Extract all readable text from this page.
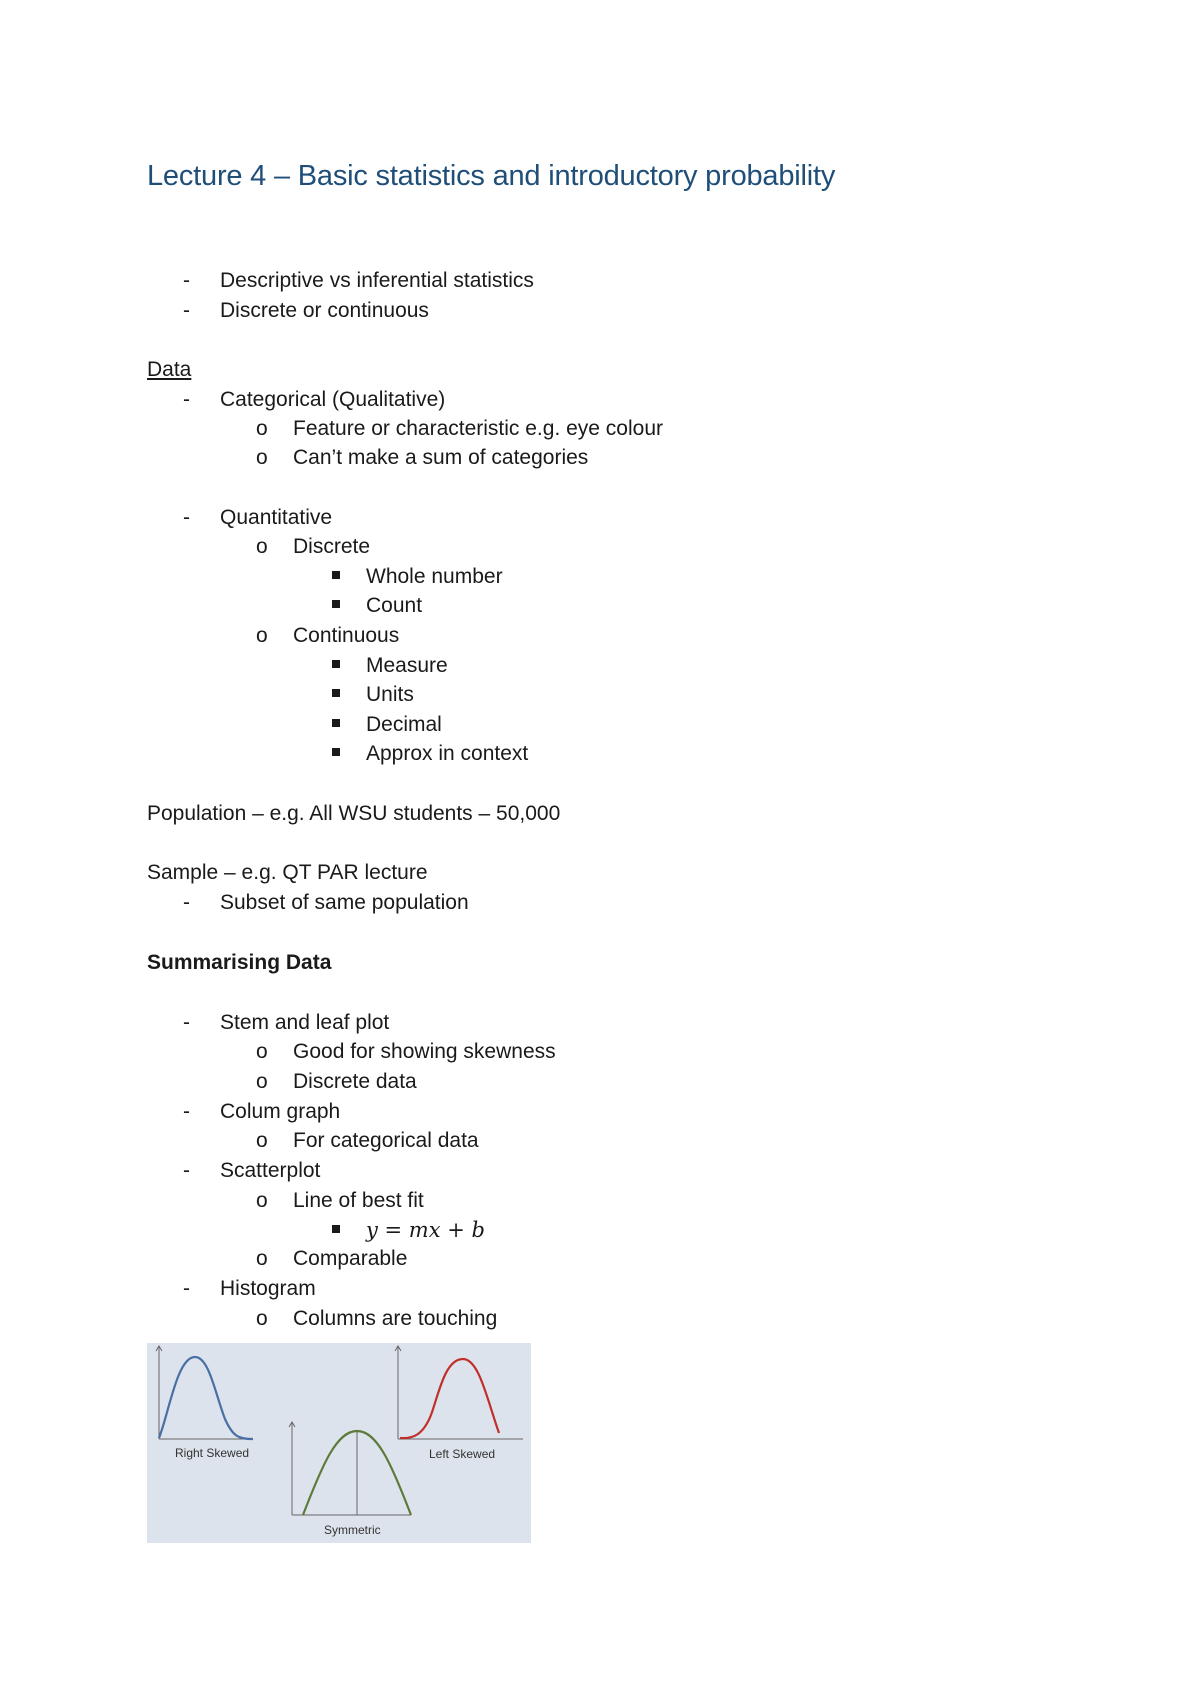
Lecture 4 – Basic statistics and introductory probability
- Descriptive vs inferential statistics
- Discrete or continuous
Data
- Categorical (Qualitative)
o Feature or characteristic e.g. eye colour
o Can’t make a sum of categories
- Quantitative
o Discrete
Whole number
Count
o Continuous
Measure
Units
Decimal
Approx in context
Population – e.g. All WSU students – 50,000
Sample – e.g. QT PAR lecture
- Subset of same population
Summarising Data
- Stem and leaf plot
o Good for showing skewness
o Discrete data
- Colum graph
o For categorical data
- Scatterplot
o Line of best fit
y = mx + b
o Comparable
- Histogram
o Columns are touching
Right Skewed
Symmetric
Left Skewed
